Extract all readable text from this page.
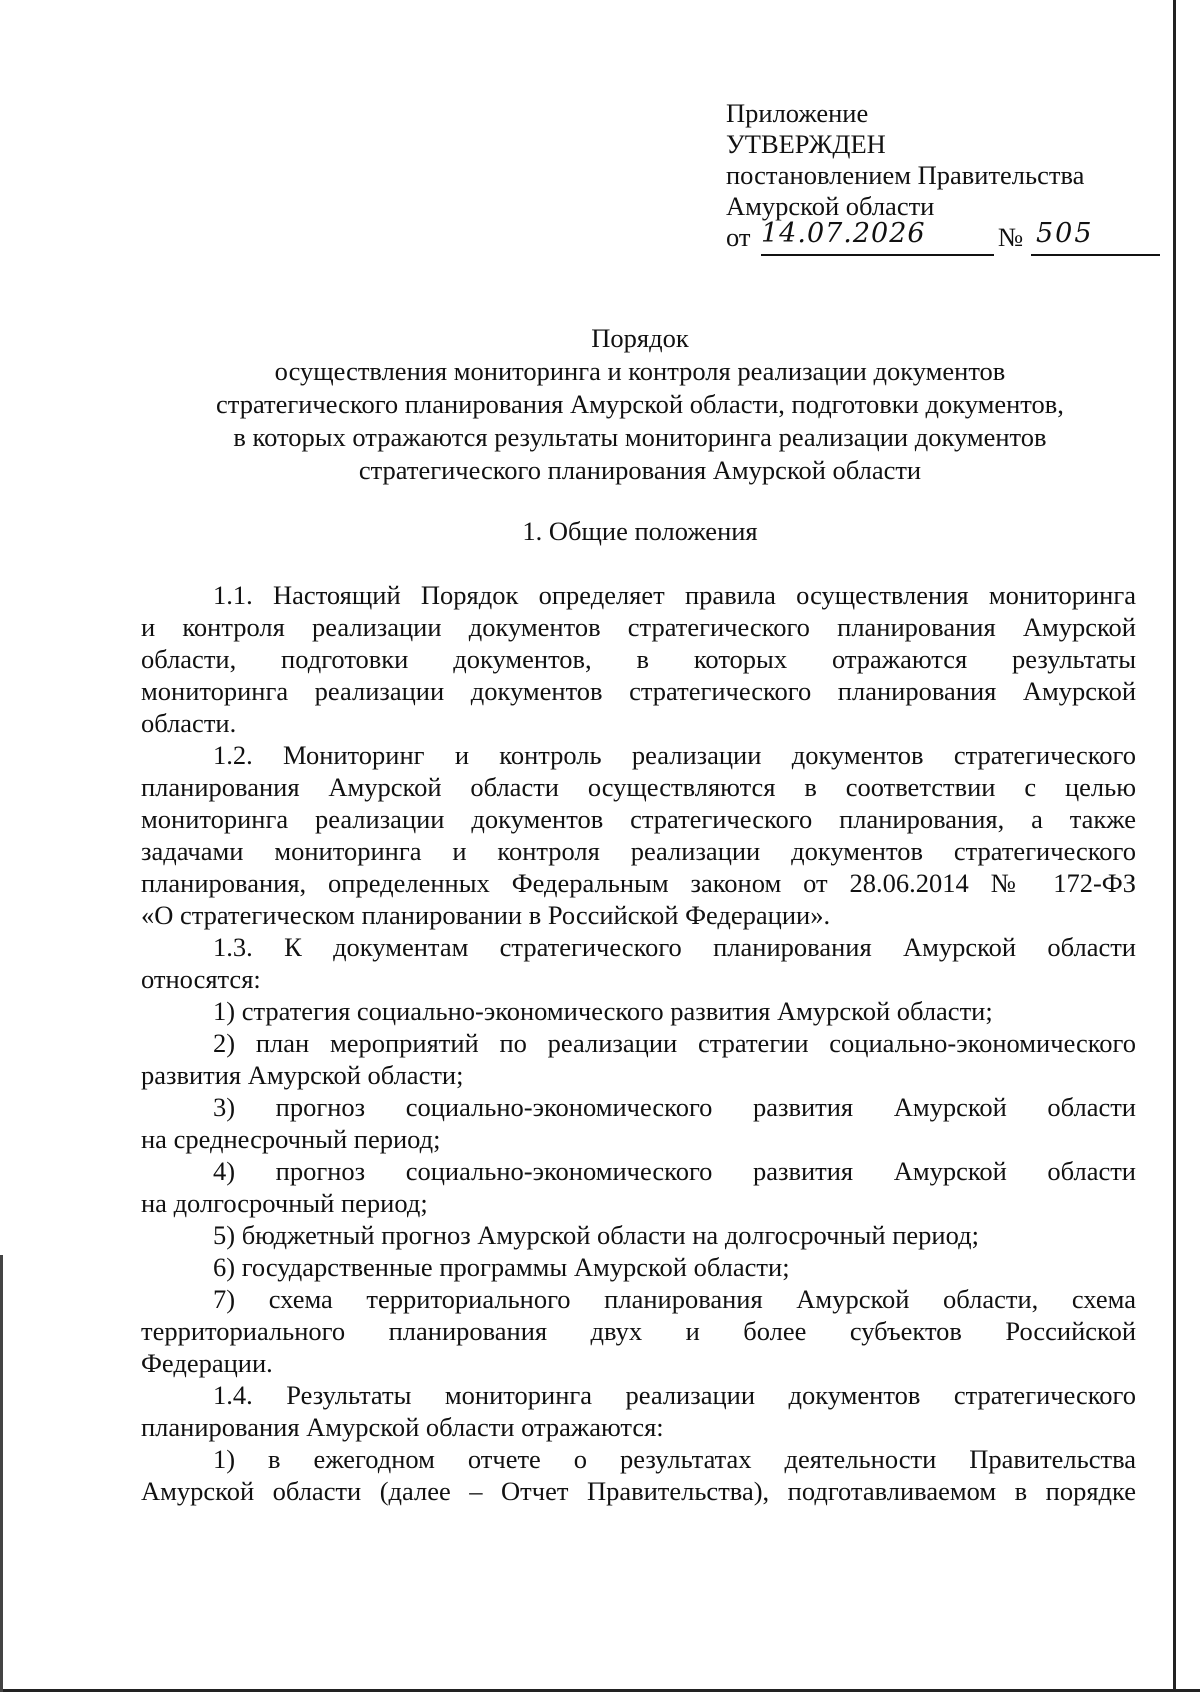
Приложение
УТВЕРЖДЕН
постановлением Правительства
Амурской области
от 14.07.2026	№ 505
Порядок
осуществления мониторинга и контроля реализации документов
стратегического планирования Амурской области, подготовки документов,
в которых отражаются результаты мониторинга реализации документов
стратегического планирования Амурской области
1. Общие положения
1.1. Настоящий Порядок определяет правила осуществления мониторинга
и контроля реализации документов стратегического планирования Амурской
области, подготовки документов, в которых отражаются результаты
мониторинга реализации документов стратегического планирования Амурской
области.
1.2. Мониторинг и контроль реализации документов стратегического
планирования Амурской области осуществляются в соответствии с целью
мониторинга реализации документов стратегического планирования, а также
задачами мониторинга и контроля реализации документов стратегического
планирования, определенных Федеральным законом от 28.06.2014 № 172-ФЗ
«О стратегическом планировании в Российской Федерации».
1.3. К документам стратегического планирования Амурской области
относятся:
1) стратегия социально-экономического развития Амурской области;
2) план мероприятий по реализации стратегии социально-экономического
развития Амурской области;
3) прогноз социально-экономического развития Амурской области
на среднесрочный период;
4) прогноз социально-экономического развития Амурской области
на долгосрочный период;
5) бюджетный прогноз Амурской области на долгосрочный период;
6) государственные программы Амурской области;
7) схема территориального планирования Амурской области, схема
территориального планирования двух и более субъектов Российской
Федерации.
1.4. Результаты мониторинга реализации документов стратегического
планирования Амурской области отражаются:
1) в ежегодном отчете о результатах деятельности Правительства
Амурской области (далее – Отчет Правительства), подготавливаемом в порядке
